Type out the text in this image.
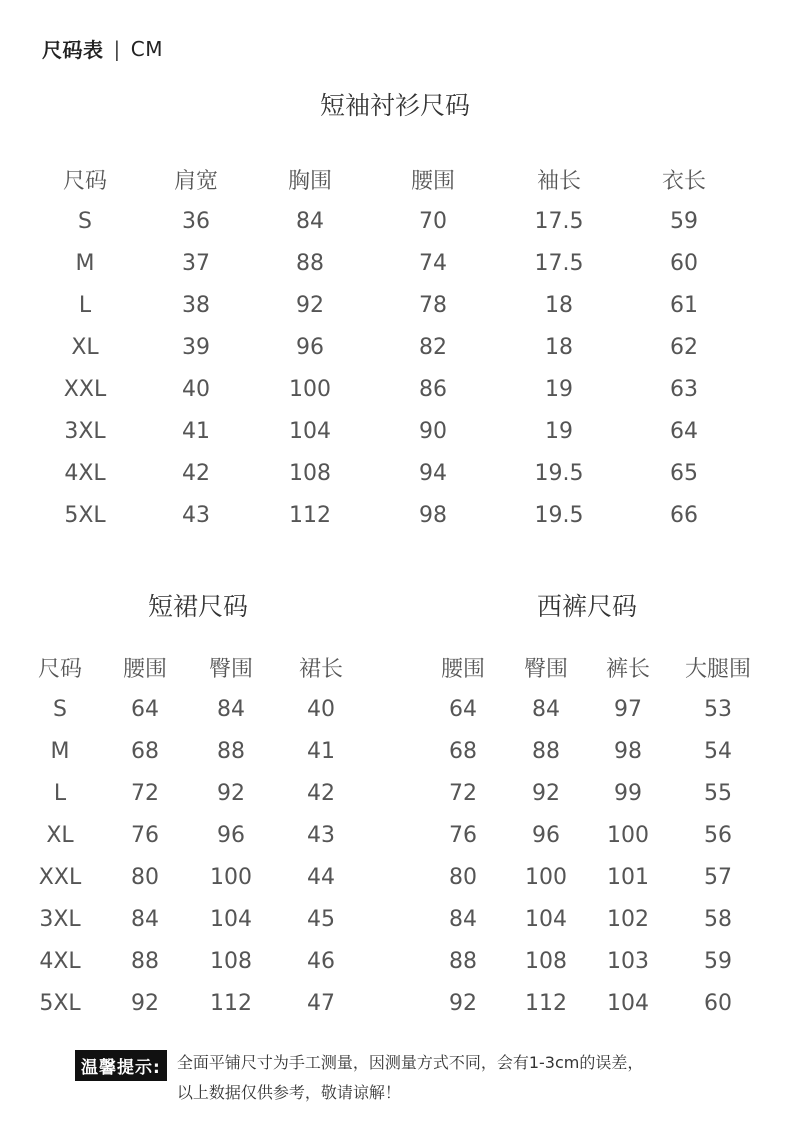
尺码表 | CM
短袖衬衫尺码
尺码	肩宽	胸围	腰围	袖长	衣长
S	36	84	70	17.5	59
M	37	88	74	17.5	60
L	38	92	78	18	61
XL	39	96	82	18	62
XXL	40	100	86	19	63
3XL	41	104	90	19	64
4XL	42	108	94	19.5	65
5XL	43	112	98	19.5	66
短裙尺码
尺码	腰围	臀围	裙长
S	64	84	40
M	68	88	41
L	72	92	42
XL	76	96	43
XXL	80	100	44
3XL	84	104	45
4XL	88	108	46
5XL	92	112	47
西裤尺码
腰围	臀围	裤长	大腿围
64	84	97	53
68	88	98	54
72	92	99	55
76	96	100	56
80	100	101	57
84	104	102	58
88	108	103	59
92	112	104	60
温馨提示:	全面平铺尺寸为手工测量，因测量方式不同，会有1-3cm的误差，
以上数据仅供参考，敬请谅解！
